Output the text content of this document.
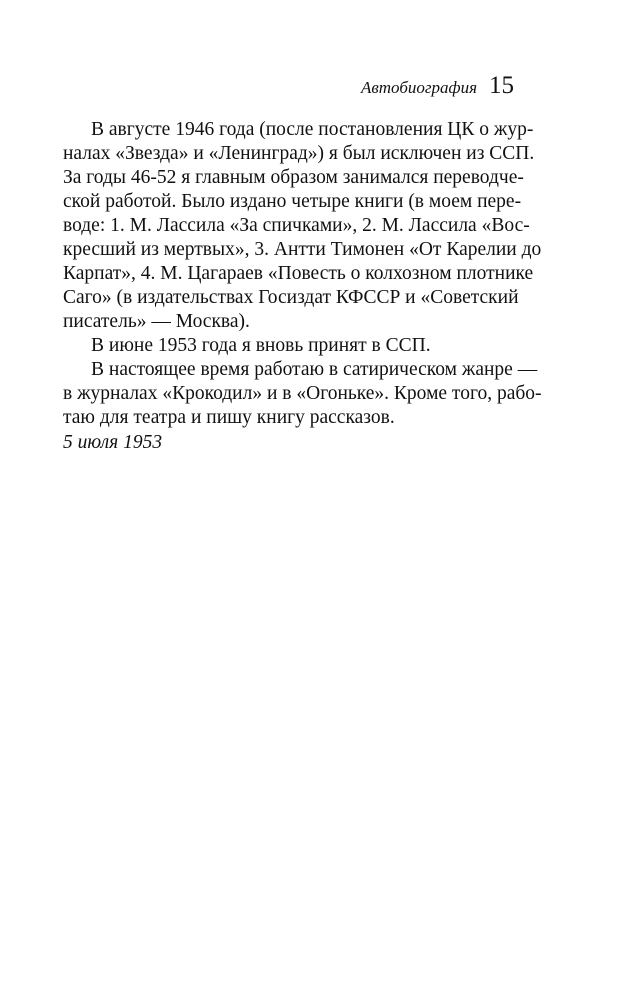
Автобиография 15
В августе 1946 года (после постановления ЦК о жур-
налах «Звезда» и «Ленинград») я был исключен из ССП.
За годы 46-52 я главным образом занимался переводче-
ской работой. Было издано четыре книги (в моем пере-
воде: 1. М. Лассила «За спичками», 2. М. Лассила «Вос-
кресший из мертвых», 3. Антти Тимонен «От Карелии до
Карпат», 4. М. Цагараев «Повесть о колхозном плотнике
Саго» (в издательствах Госиздат КФССР и «Советский
писатель» — Москва).
В июне 1953 года я вновь принят в ССП.
В настоящее время работаю в сатирическом жанре —
в журналах «Крокодил» и в «Огоньке». Кроме того, рабо-
таю для театра и пишу книгу рассказов.
5 июля 1953
